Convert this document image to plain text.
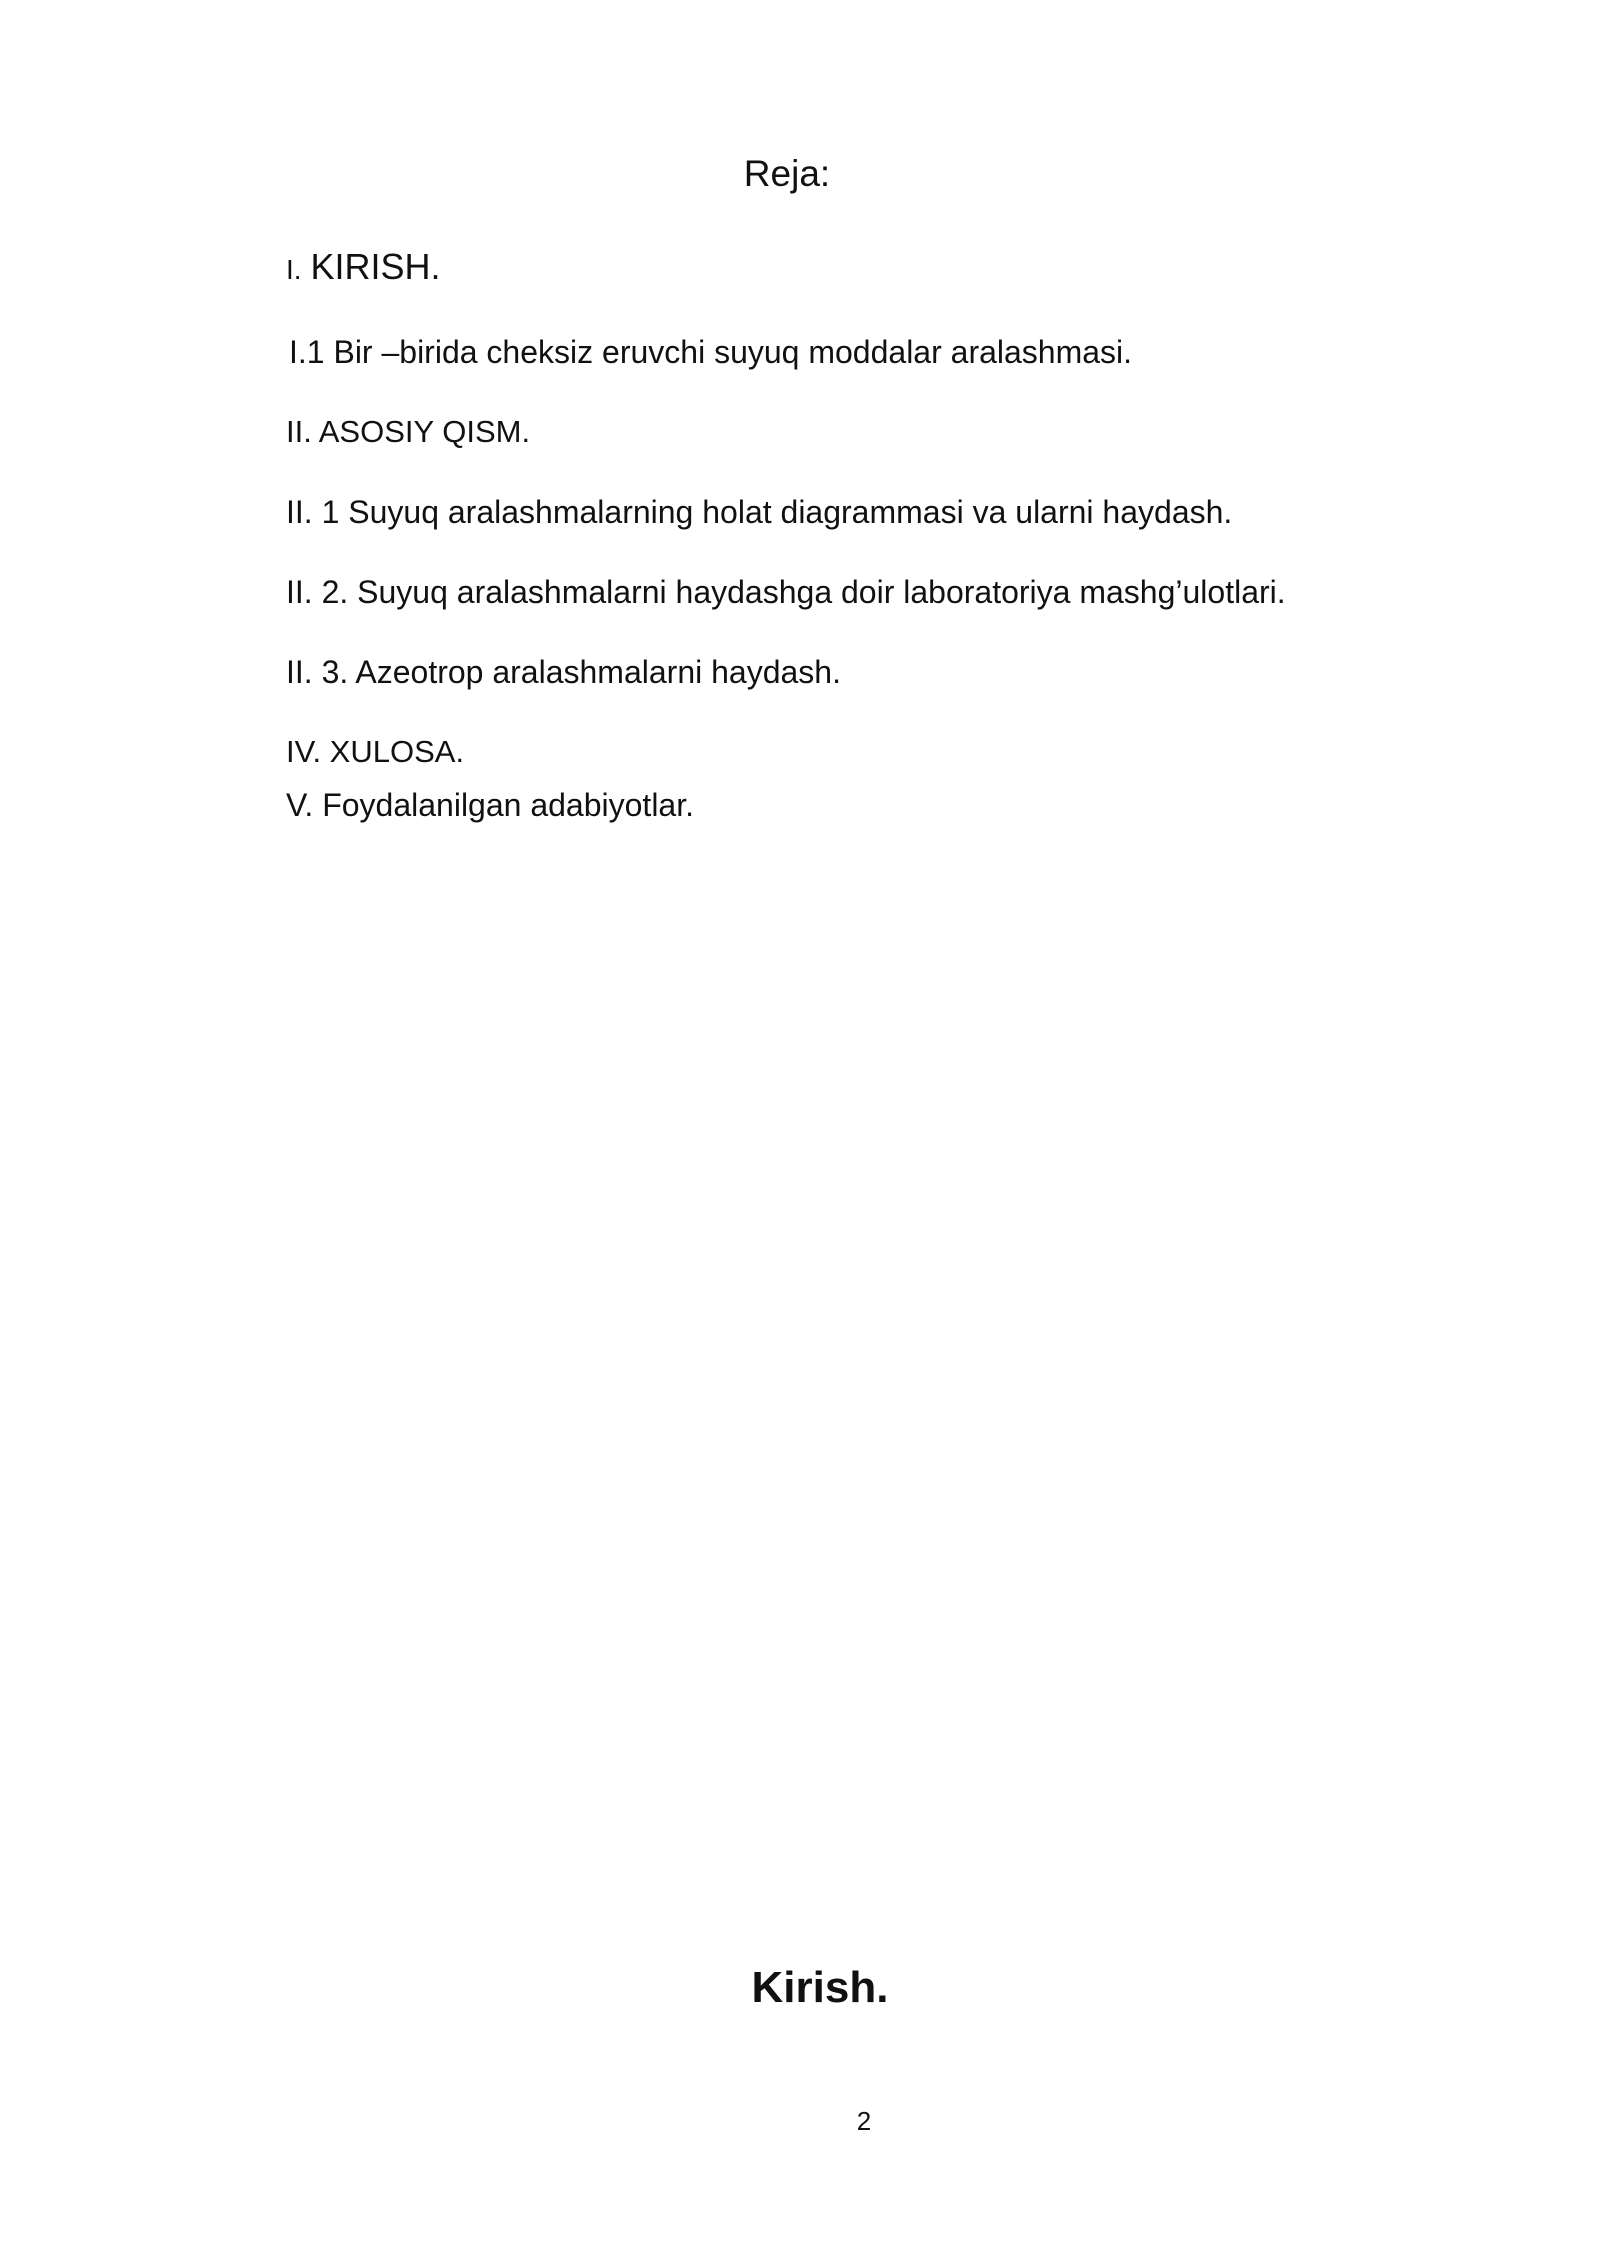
Reja:
I. KIRISH.
I.1 Bir –birida cheksiz eruvchi suyuq moddalar aralashmasi.
II. ASOSIY QISM.
II. 1 Suyuq aralashmalarning holat diagrammasi va ularni haydash.
II. 2. Suyuq aralashmalarni haydashga doir laboratoriya mashg’ulotlari.
II. 3. Azeotrop aralashmalarni haydash.
IV. XULOSA.
V. Foydalanilgan adabiyotlar.
Kirish.
2
